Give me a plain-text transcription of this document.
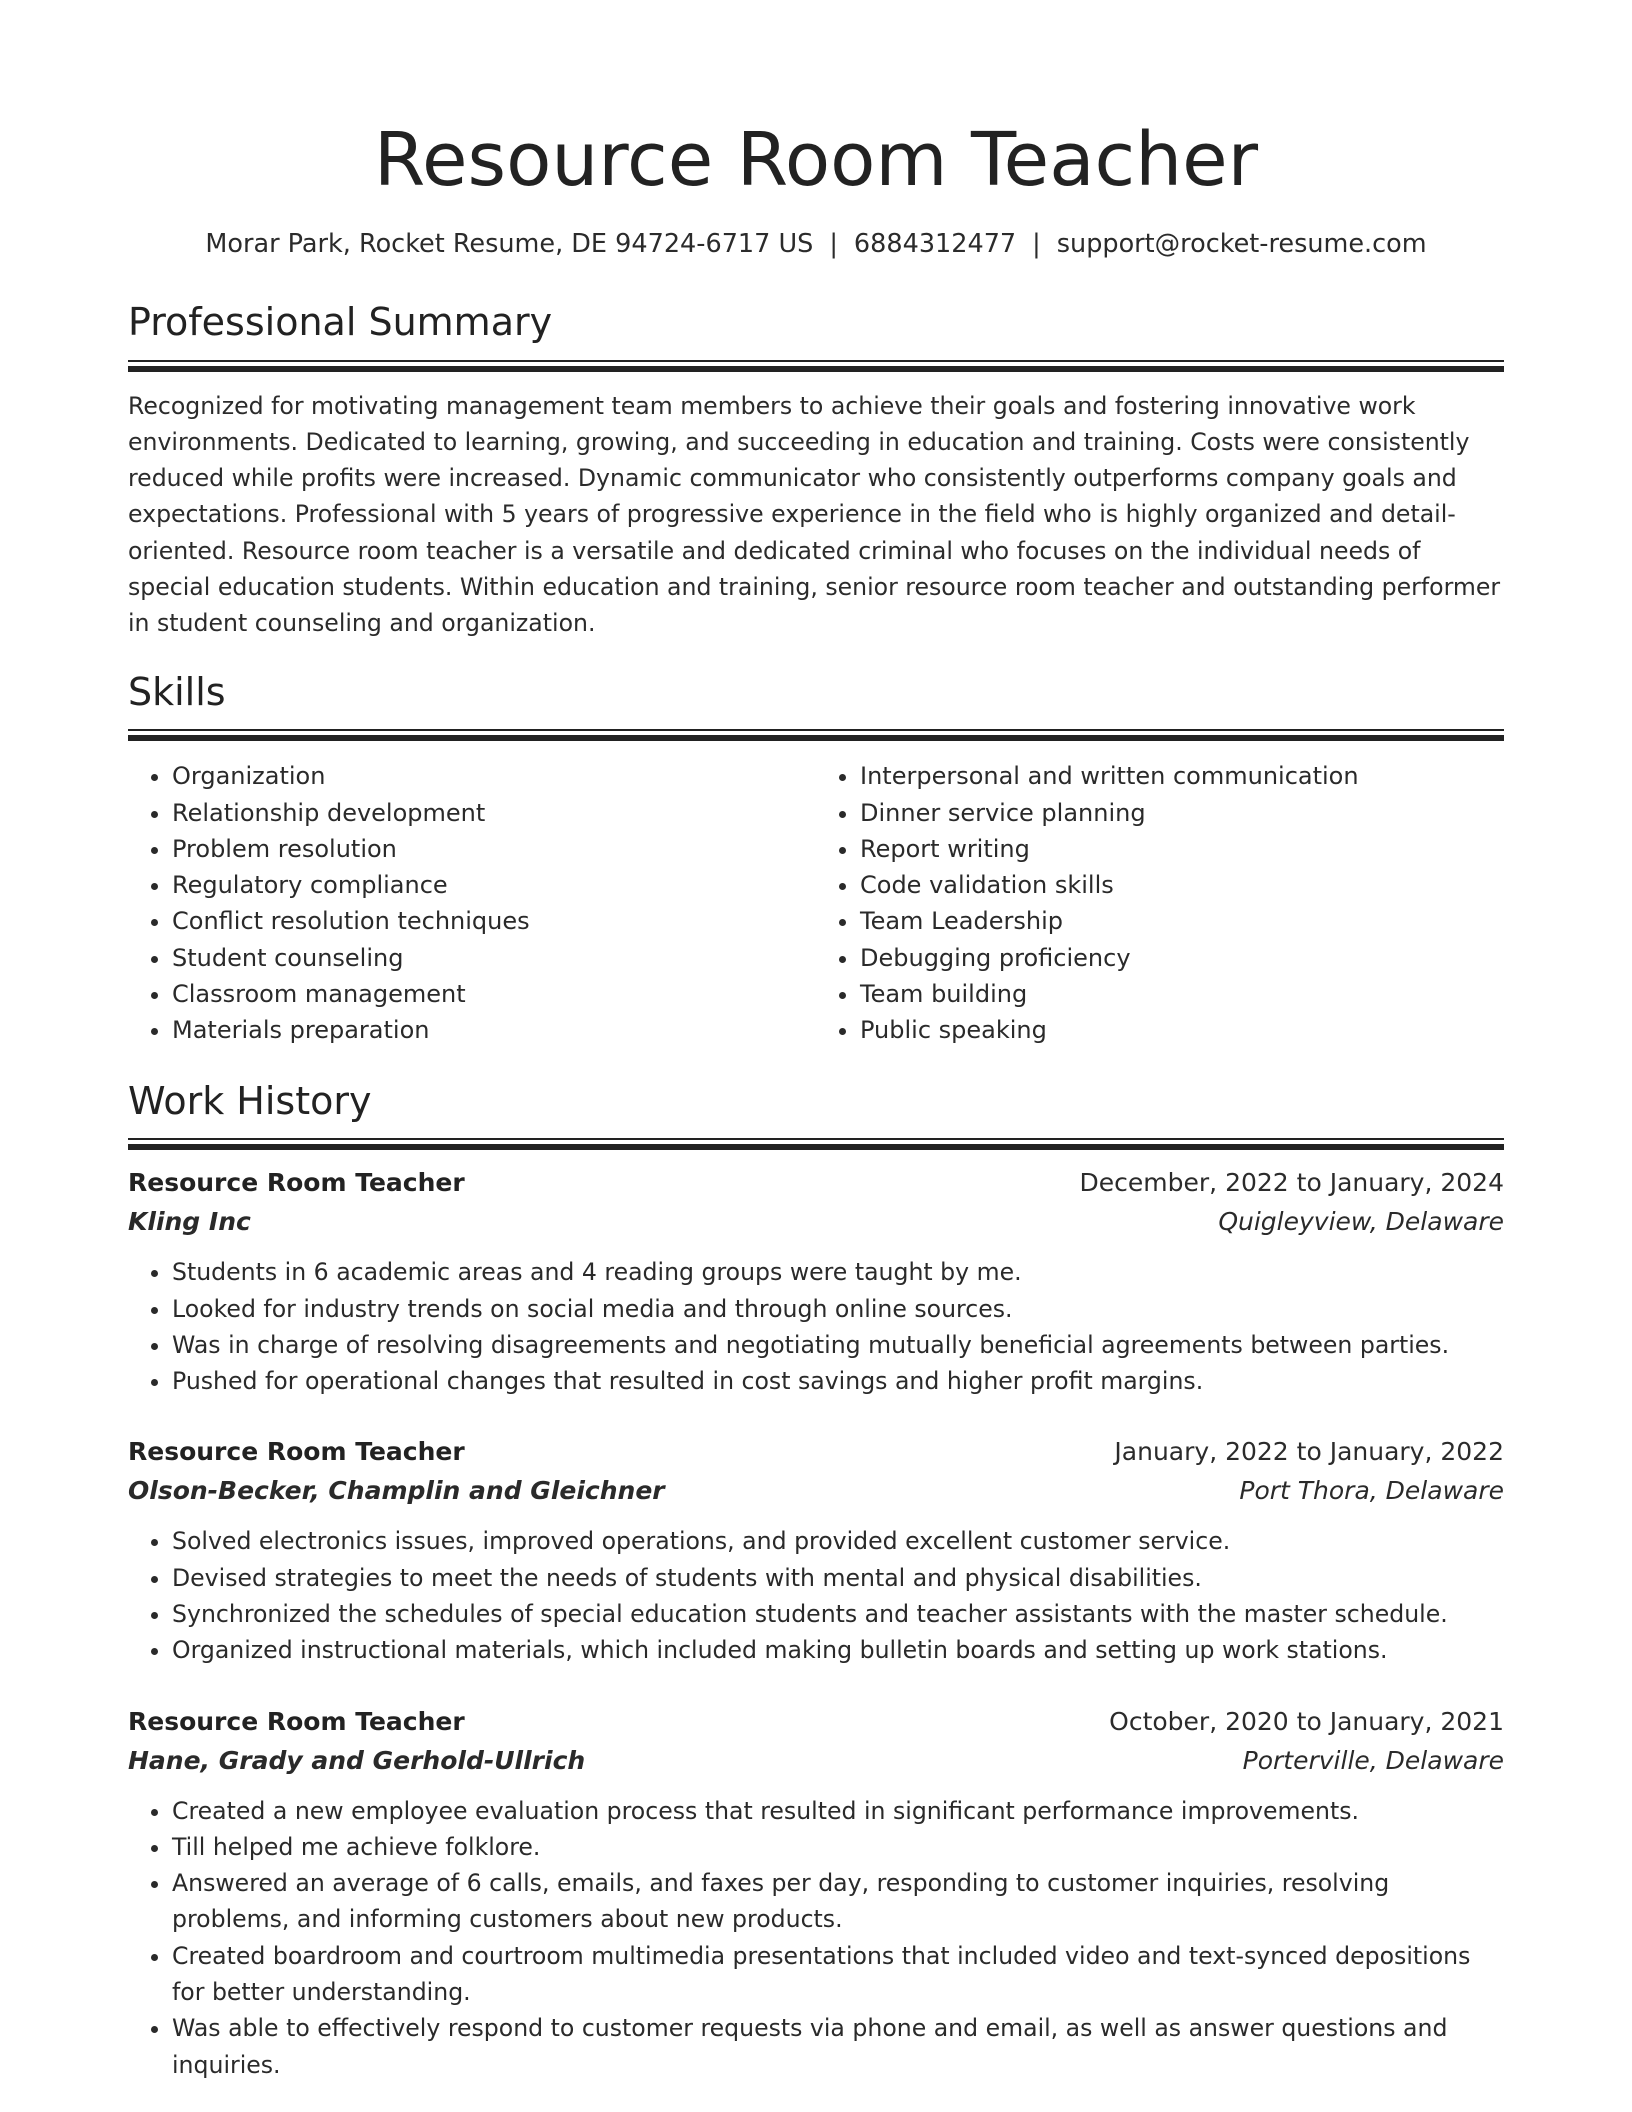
Resource Room Teacher
Morar Park, Rocket Resume, DE 94724-6717 US | 6884312477 | support@rocket-resume.com
Professional Summary

Recognized for motivating management team members to achieve their goals and fostering innovative work environments. Dedicated to learning, growing, and succeeding in education and training. Costs were consistently reduced while profits were increased. Dynamic communicator who consistently outperforms company goals and expectations. Professional with 5 years of progressive experience in the field who is highly organized and detail-oriented. Resource room teacher is a versatile and dedicated criminal who focuses on the individual needs of special education students. Within education and training, senior resource room teacher and outstanding performer in student counseling and organization.

Skills
• Organization
• Relationship development
• Problem resolution
• Regulatory compliance
• Conflict resolution techniques
• Student counseling
• Classroom management
• Materials preparation
• Interpersonal and written communication
• Dinner service planning
• Report writing
• Code validation skills
• Team Leadership
• Debugging proficiency
• Team building
• Public speaking
Work History
Resource Room Teacher	December, 2022 to January, 2024
Kling Inc	Quigleyview, Delaware
• Students in 6 academic areas and 4 reading groups were taught by me.
• Looked for industry trends on social media and through online sources.
• Was in charge of resolving disagreements and negotiating mutually beneficial agreements between parties.
• Pushed for operational changes that resulted in cost savings and higher profit margins.
Resource Room Teacher	January, 2022 to January, 2022
Olson-Becker, Champlin and Gleichner	Port Thora, Delaware
• Solved electronics issues, improved operations, and provided excellent customer service.
• Devised strategies to meet the needs of students with mental and physical disabilities.
• Synchronized the schedules of special education students and teacher assistants with the master schedule.
• Organized instructional materials, which included making bulletin boards and setting up work stations.
Resource Room Teacher	October, 2020 to January, 2021
Hane, Grady and Gerhold-Ullrich	Porterville, Delaware
• Created a new employee evaluation process that resulted in significant performance improvements.
• Till helped me achieve folklore.
• Answered an average of 6 calls, emails, and faxes per day, responding to customer inquiries, resolving problems, and informing customers about new products.
• Created boardroom and courtroom multimedia presentations that included video and text-synced depositions for better understanding.
• Was able to effectively respond to customer requests via phone and email, as well as answer questions and inquiries.
